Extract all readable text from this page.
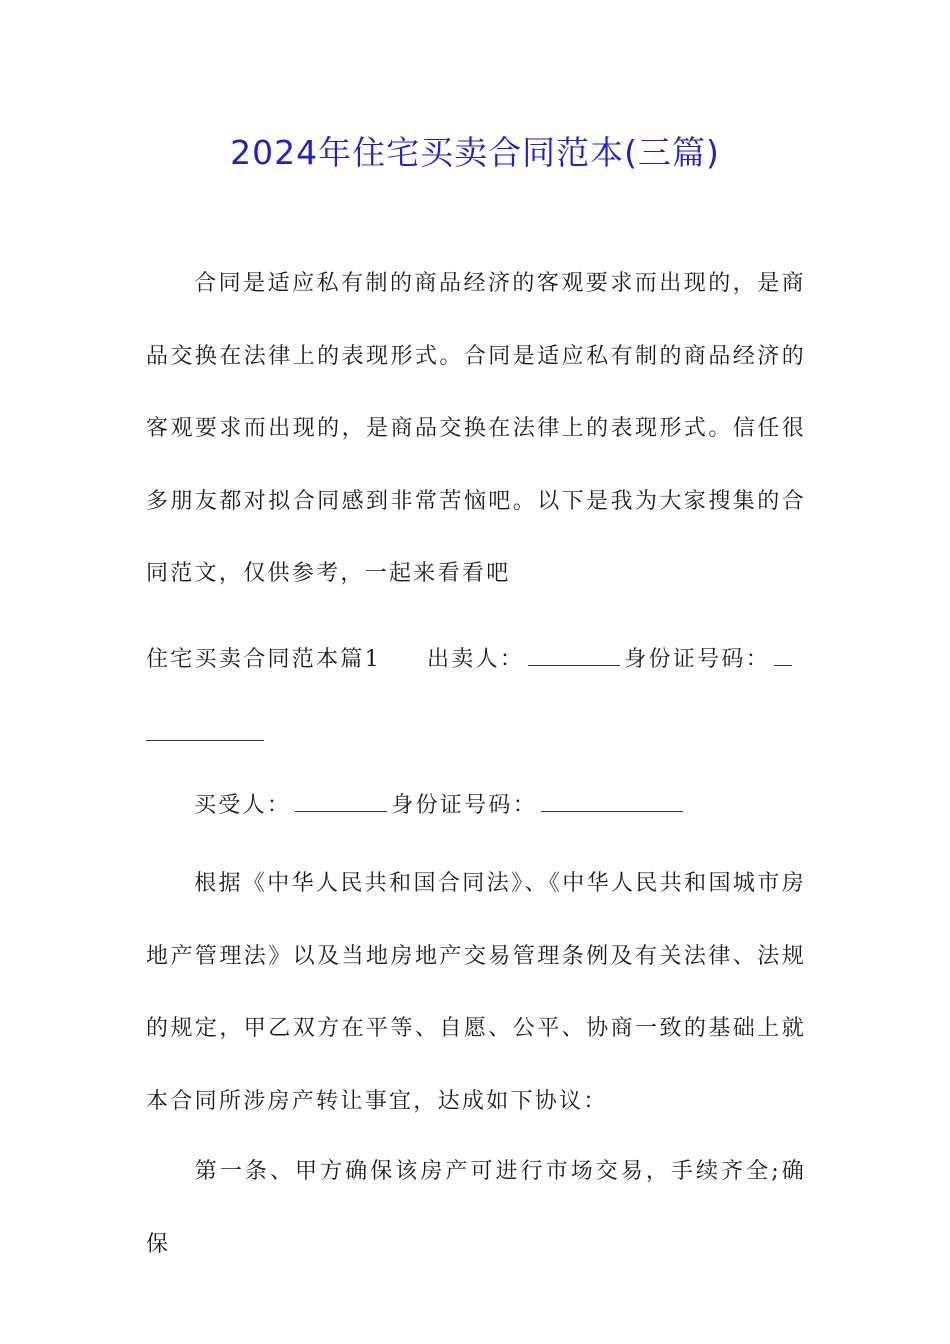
2024年住宅买卖合同范本(三篇)
合同是适应私有制的商品经济的客观要求而出现的，是商品交换在法律上的表现形式。合同是适应私有制的商品经济的客观要求而出现的，是商品交换在法律上的表现形式。信任很多朋友都对拟合同感到非常苦恼吧。以下是我为大家搜集的合同范文，仅供参考，一起来看看吧
住宅买卖合同范本篇1 出卖人：	身份证号码：
买受人：	身份证号码：
根据《中华人民共和国合同法》、《中华人民共和国城市房地产管理法》以及当地房地产交易管理条例及有关法律、法规的规定，甲乙双方在平等、自愿、公平、协商一致的基础上就本合同所涉房产转让事宜，达成如下协议：
第一条、甲方确保该房产可进行市场交易，手续齐全;确保
